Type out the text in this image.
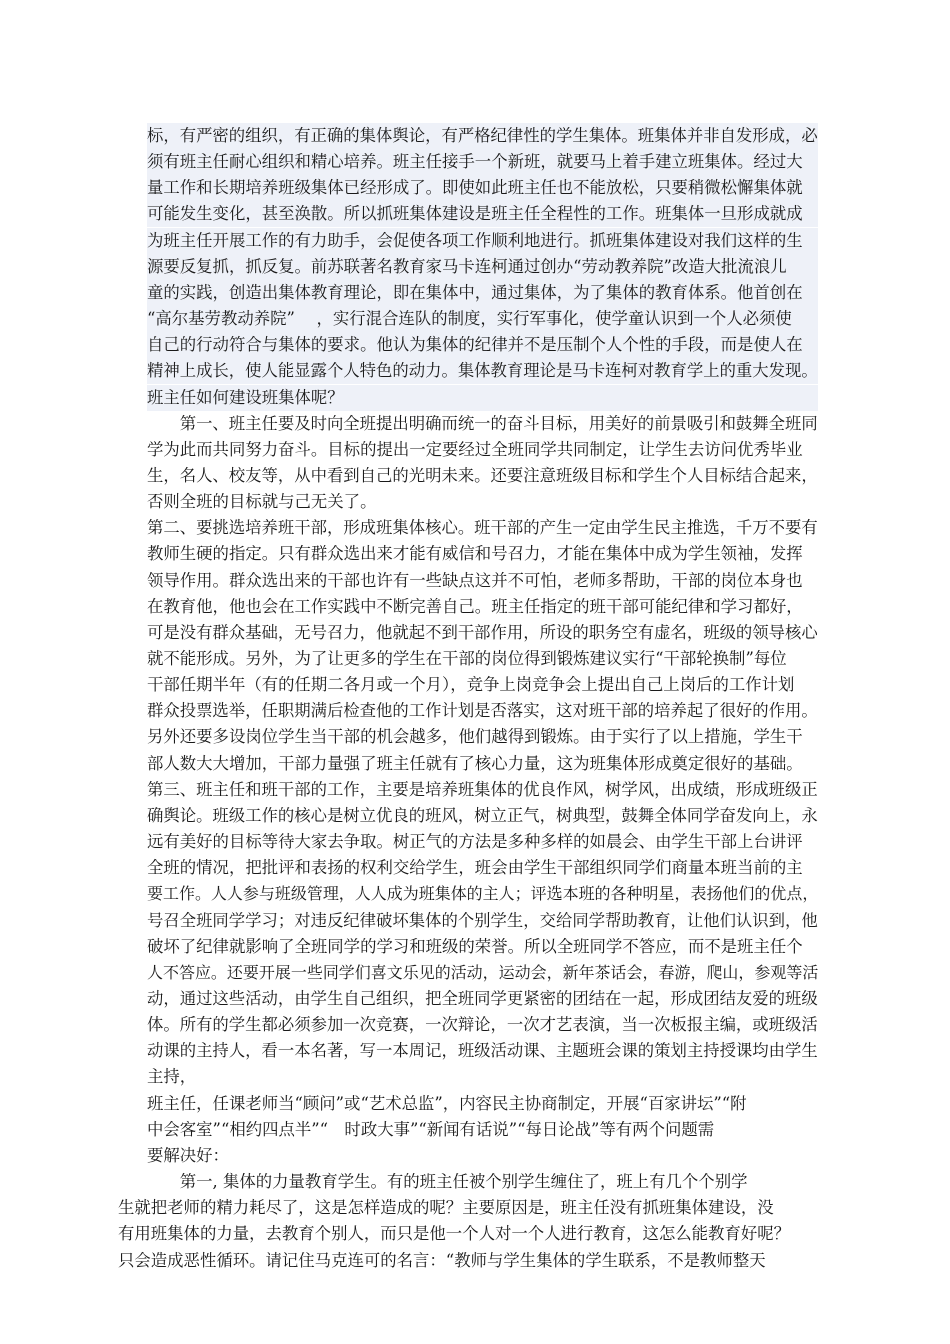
标，有严密的组织，有正确的集体舆论，有严格纪律性的学生集体。班集体并非自发形成，必
须有班主任耐心组织和精心培养。班主任接手一个新班，就要马上着手建立班集体。经过大
量工作和长期培养班级集体已经形成了。即使如此班主任也不能放松，只要稍微松懈集体就
可能发生变化，甚至涣散。所以抓班集体建设是班主任全程性的工作。班集体一旦形成就成
为班主任开展工作的有力助手，会促使各项工作顺利地进行。抓班集体建设对我们这样的生
源要反复抓，抓反复。前苏联著名教育家马卡连柯通过创办“劳动教养院”改造大批流浪儿
童的实践，创造出集体教育理论，即在集体中，通过集体，为了集体的教育体系。他首创在
“高尔基劳教动养院”　 ，实行混合连队的制度，实行军事化，使学童认识到一个人必须使
自己的行动符合与集体的要求。他认为集体的纪律并不是压制个人个性的手段，而是使人在
精神上成长，使人能显露个人特色的动力。集体教育理论是马卡连柯对教育学上的重大发现。
班主任如何建设班集体呢？
　　第一、班主任要及时向全班提出明确而统一的奋斗目标，用美好的前景吸引和鼓舞全班同
学为此而共同努力奋斗。目标的提出一定要经过全班同学共同制定，让学生去访问优秀毕业
生，名人、校友等，从中看到自己的光明未来。还要注意班级目标和学生个人目标结合起来，
否则全班的目标就与己无关了。
第二、要挑选培养班干部，形成班集体核心。班干部的产生一定由学生民主推选，千万不要有
教师生硬的指定。只有群众选出来才能有威信和号召力，才能在集体中成为学生领袖，发挥
领导作用。群众选出来的干部也许有一些缺点这并不可怕，老师多帮助，干部的岗位本身也
在教育他，他也会在工作实践中不断完善自己。班主任指定的班干部可能纪律和学习都好，
可是没有群众基础，无号召力，他就起不到干部作用，所设的职务空有虚名，班级的领导核心
就不能形成。另外，为了让更多的学生在干部的岗位得到锻炼建议实行“干部轮换制”每位
干部任期半年（有的任期二各月或一个月），竞争上岗竞争会上提出自己上岗后的工作计划
群众投票选举，任职期满后检查他的工作计划是否落实，这对班干部的培养起了很好的作用。
另外还要多设岗位学生当干部的机会越多，他们越得到锻炼。由于实行了以上措施，学生干
部人数大大增加，干部力量强了班主任就有了核心力量，这为班集体形成奠定很好的基础。
第三、班主任和班干部的工作，主要是培养班集体的优良作风，树学风，出成绩，形成班级正
确舆论。班级工作的核心是树立优良的班风，树立正气，树典型，鼓舞全体同学奋发向上，永
远有美好的目标等待大家去争取。树正气的方法是多种多样的如晨会、由学生干部上台讲评
全班的情况，把批评和表扬的权利交给学生，班会由学生干部组织同学们商量本班当前的主
要工作。人人参与班级管理，人人成为班集体的主人；评选本班的各种明星，表扬他们的优点，
号召全班同学学习；对违反纪律破坏集体的个别学生，交给同学帮助教育，让他们认识到，他
破坏了纪律就影响了全班同学的学习和班级的荣誉。所以全班同学不答应，而不是班主任个
人不答应。还要开展一些同学们喜文乐见的活动，运动会，新年茶话会，春游，爬山，参观等活
动，通过这些活动，由学生自己组织，把全班同学更紧密的团结在一起，形成团结友爱的班级
体。所有的学生都必须参加一次竞赛，一次辩论，一次才艺表演，当一次板报主编，或班级活
动课的主持人，看一本名著，写一本周记，班级活动课、主题班会课的策划主持授课均由学生
主持，
班主任，任课老师当“顾问”或“艺术总监”，内容民主协商制定，开展“百家讲坛”“附
中会客室”“相约四点半”“　时政大事”“新闻有话说”“每日论战”等有两个问题需
要解决好：
　　第一, 集体的力量教育学生。有的班主任被个别学生缠住了，班上有几个个别学
生就把老师的精力耗尽了，这是怎样造成的呢？主要原因是，班主任没有抓班集体建设，没
有用班集体的力量，去教育个别人，而只是他一个人对一个人进行教育，这怎么能教育好呢？
只会造成恶性循环。请记住马克连可的名言：“教师与学生集体的学生联系，不是教师整天
